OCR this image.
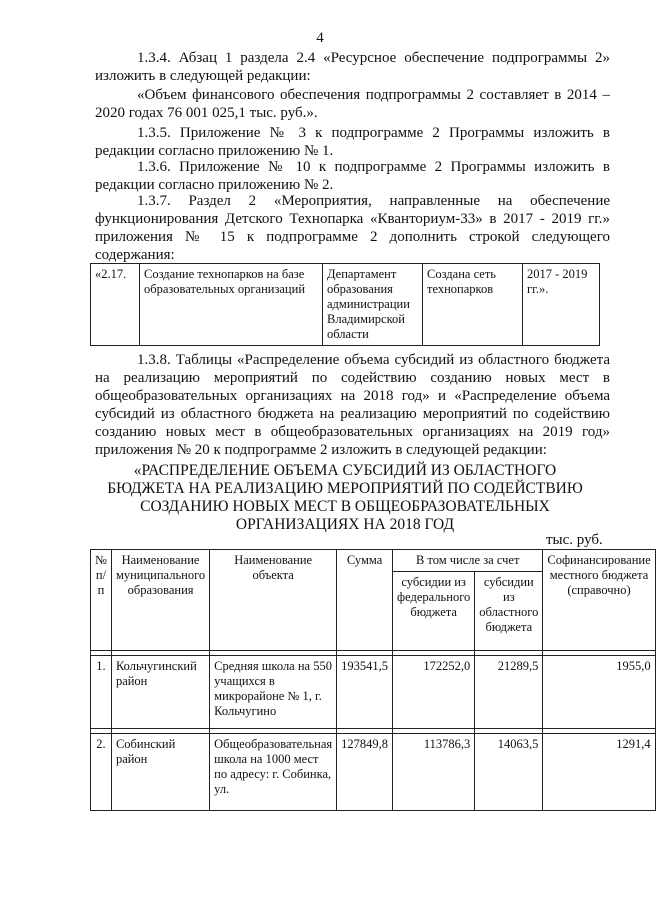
4
1.3.4. Абзац 1 раздела 2.4 «Ресурсное обеспечение подпрограммы 2» изложить в следующей редакции:
«Объем финансового обеспечения подпрограммы 2 составляет в 2014 – 2020 годах 76 001 025,1 тыс. руб.».
1.3.5. Приложение № 3 к подпрограмме 2 Программы изложить в редакции согласно приложению № 1.
1.3.6. Приложение № 10 к подпрограмме 2 Программы изложить в редакции согласно приложению № 2.
1.3.7. Раздел 2 «Мероприятия, направленные на обеспечение функционирования Детского Технопарка «Кванториум-33» в 2017 - 2019 гг.» приложения № 15 к подпрограмме 2 дополнить строкой следующего содержания:
«2.17.	Создание технопарков на базе образовательных организаций	Департамент образования администрации Владимирской области	Создана сеть технопарков	2017 - 2019 гг.».
1.3.8. Таблицы «Распределение объема субсидий из областного бюджета на реализацию мероприятий по содействию созданию новых мест в общеобразовательных организациях на 2018 год» и «Распределение объема субсидий из областного бюджета на реализацию мероприятий по содействию созданию новых мест в общеобразовательных организациях на 2019 год» приложения № 20 к подпрограмме 2 изложить в следующей редакции:
«РАСПРЕДЕЛЕНИЕ ОБЪЕМА СУБСИДИЙ ИЗ ОБЛАСТНОГО БЮДЖЕТА НА РЕАЛИЗАЦИЮ МЕРОПРИЯТИЙ ПО СОДЕЙСТВИЮ СОЗДАНИЮ НОВЫХ МЕСТ В ОБЩЕОБРАЗОВАТЕЛЬНЫХ ОРГАНИЗАЦИЯХ НА 2018 ГОД
тыс. руб.
№ п/п	Наименование муниципального образования	Наименование объекта	Сумма	В том числе за счет		Софинансирование местного бюджета (справочно)
				субсидии из федерального бюджета	субсидии из областного бюджета	

1.	Кольчугинский район	Средняя школа на 550 учащихся в микрорайоне № 1, г. Кольчугино	193541,5	172252,0	21289,5	1955,0

2.	Собинский район	Общеобразовательная школа на 1000 мест по адресу: г. Собинка, ул.	127849,8	113786,3	14063,5	1291,4
